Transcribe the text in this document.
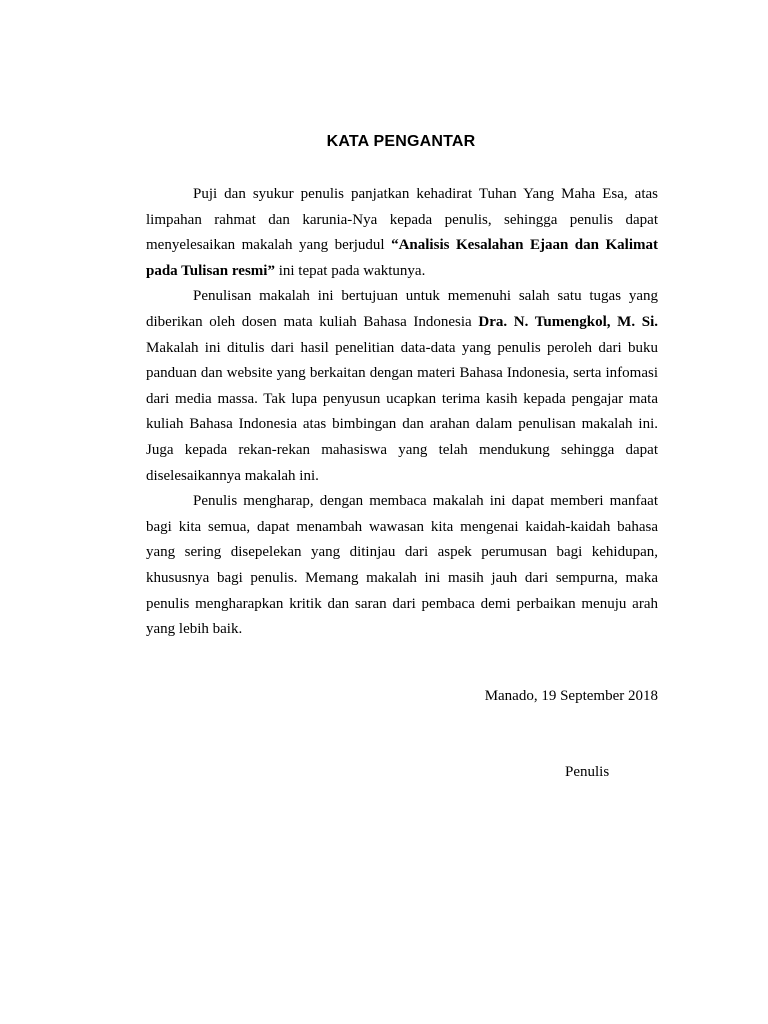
KATA PENGANTAR

Puji dan syukur penulis panjatkan kehadirat Tuhan Yang Maha Esa, atas limpahan rahmat dan karunia-Nya kepada penulis, sehingga penulis dapat menyelesaikan makalah yang berjudul “Analisis Kesalahan Ejaan dan Kalimat pada Tulisan resmi” ini tepat pada waktunya.

Penulisan makalah ini bertujuan untuk memenuhi salah satu tugas yang diberikan oleh dosen mata kuliah Bahasa Indonesia Dra. N. Tumengkol, M. Si. Makalah ini ditulis dari hasil penelitian data-data yang penulis peroleh dari buku panduan dan website yang berkaitan dengan materi Bahasa Indonesia, serta infomasi dari media massa. Tak lupa penyusun ucapkan terima kasih kepada pengajar mata kuliah Bahasa Indonesia atas bimbingan dan arahan dalam penulisan makalah ini. Juga kepada rekan-rekan mahasiswa yang telah mendukung sehingga dapat diselesaikannya makalah ini.

Penulis mengharap, dengan membaca makalah ini dapat memberi manfaat bagi kita semua, dapat menambah wawasan kita mengenai kaidah-kaidah bahasa yang sering disepelekan yang ditinjau dari aspek perumusan bagi kehidupan, khususnya bagi penulis. Memang makalah ini masih jauh dari sempurna, maka penulis mengharapkan kritik dan saran dari pembaca demi perbaikan menuju arah yang lebih baik.

Manado, 19 September 2018
Penulis
